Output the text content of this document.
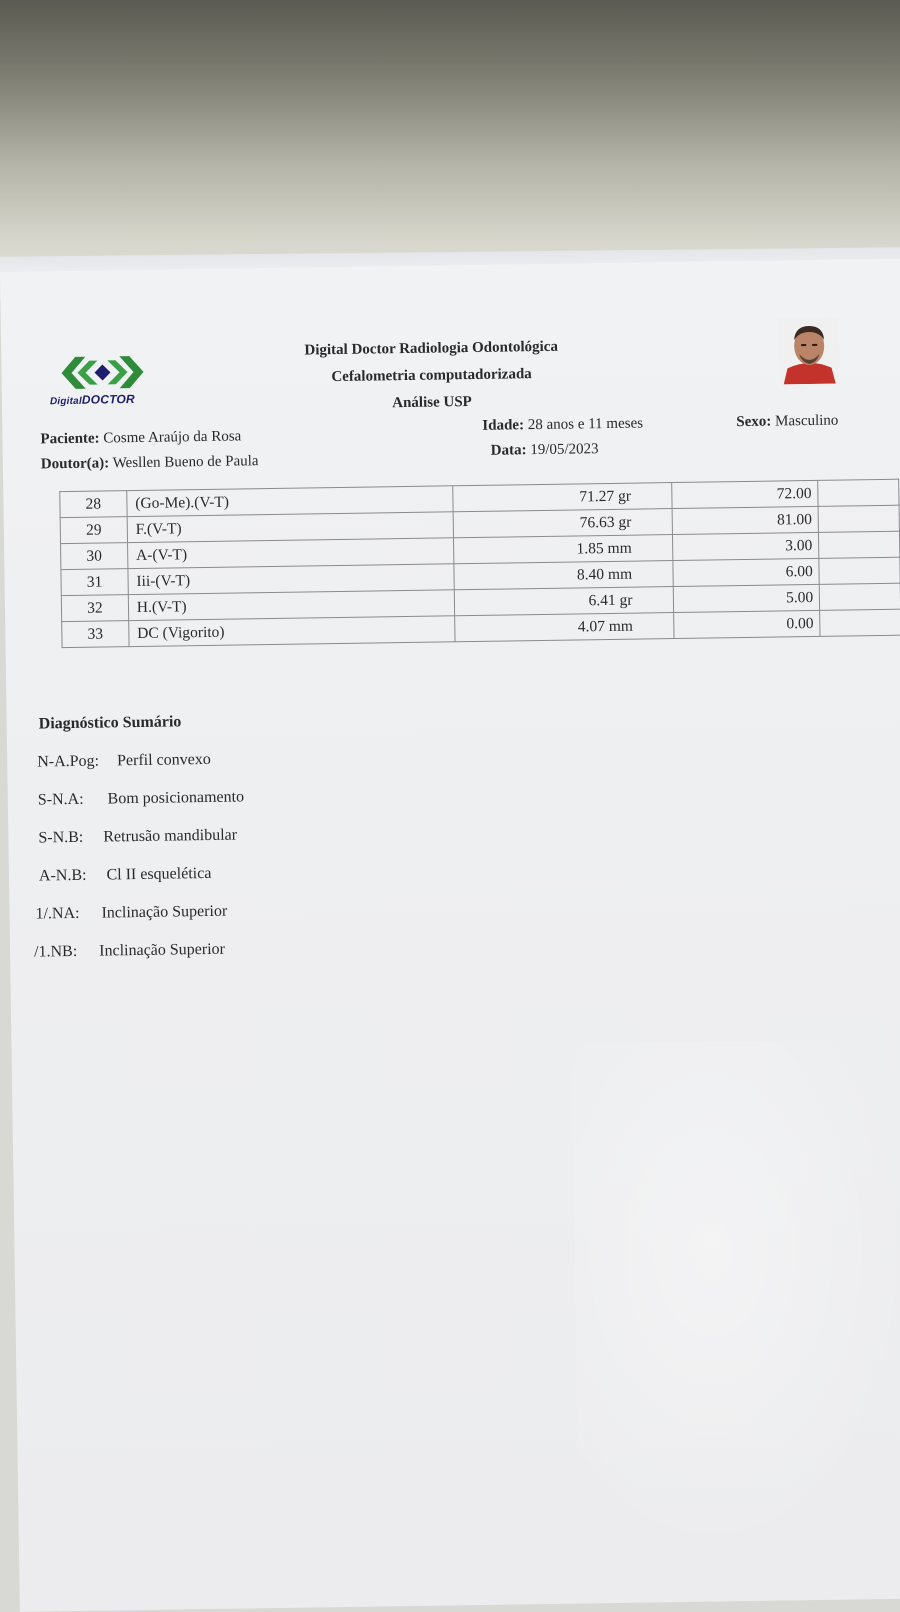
DigitalDOCTOR
Digital Doctor Radiologia Odontológica
Cefalometria computadorizada
Análise USP
Paciente: Cosme Araújo da Rosa
Doutor(a): Wesllen Bueno de Paula
Idade: 28 anos e 11 meses
Data: 19/05/2023
Sexo: Masculino
28	(Go-Me).(V-T)	71.27 gr	72.00	
29	F.(V-T)	76.63 gr	81.00	
30	A-(V-T)	1.85 mm	3.00	
31	Iii-(V-T)	8.40 mm	6.00	
32	H.(V-T)	6.41 gr	5.00	
33	DC (Vigorito)	4.07 mm	0.00	
Diagnóstico Sumário
N-A.Pog: Perfil convexo
S-N.A: Bom posicionamento
S-N.B: Retrusão mandibular
A-N.B: Cl II esquelética
1/.NA: Inclinação Superior
/1.NB: Inclinação Superior
